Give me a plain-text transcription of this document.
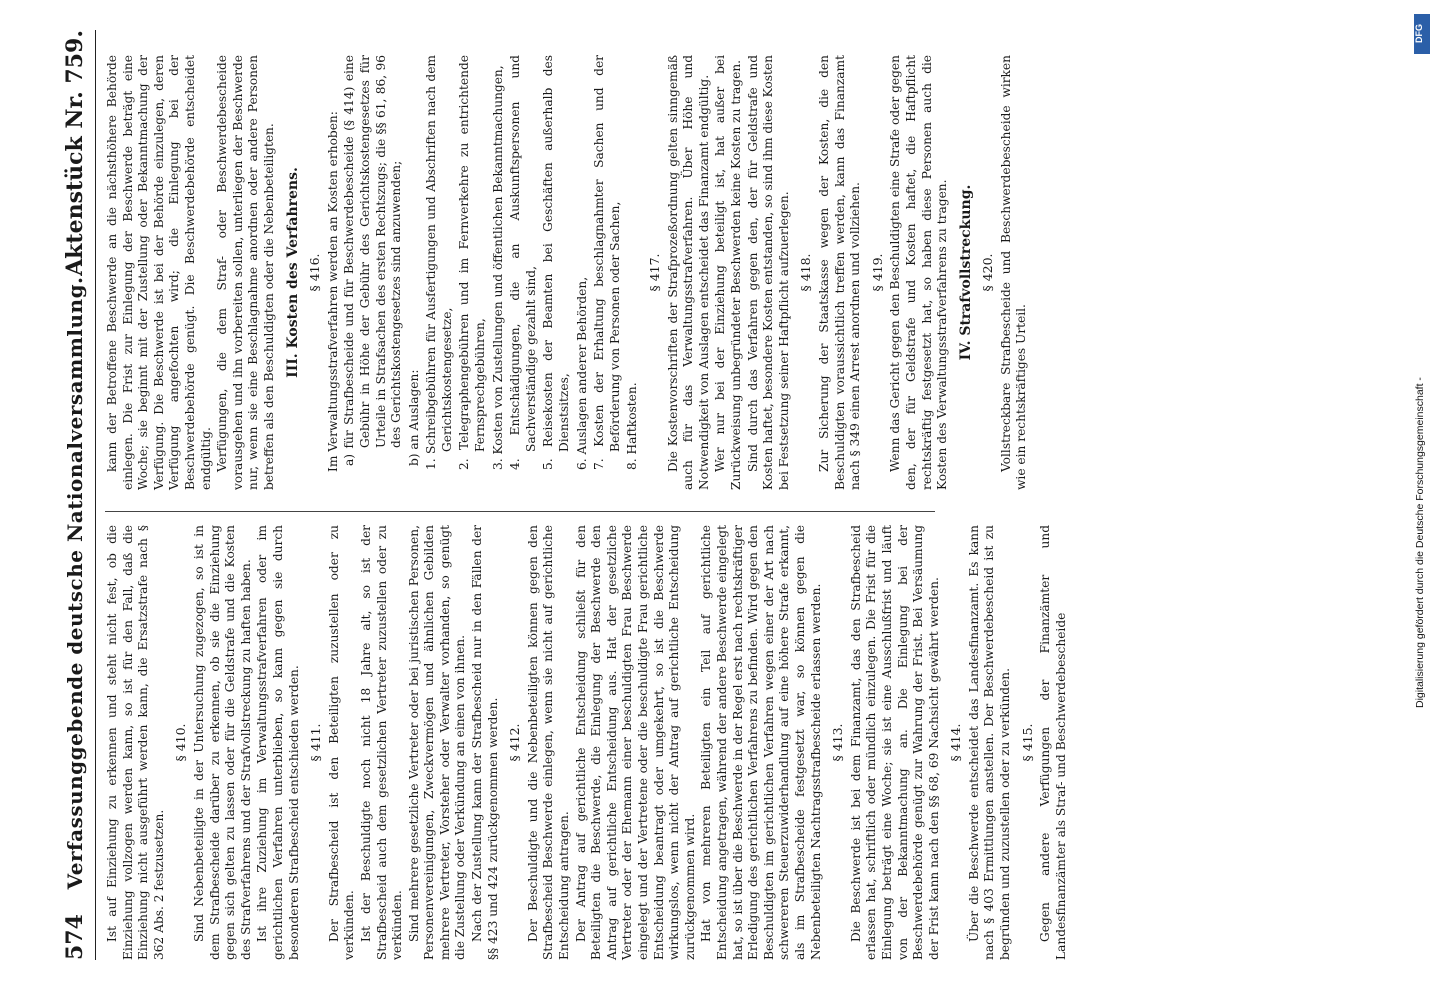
574
Verfassunggebende deutsche Nationalversammlung.
Aktenstück Nr. 759.
Ist auf Einziehung zu erkennen und steht nicht fest, ob die Einziehung vollzogen werden kann, so ist für den Fall, daß die Einziehung nicht ausgeführt werden kann, die Ersatzstrafe nach § 362 Abs. 2 festzusetzen.
§ 410. Sind Nebenbeteiligte in der Untersuchung zugezogen, so ist in dem Strafbescheide darüber zu erkennen, ob sie die Einziehung gegen sich gelten zu lassen oder für die Geldstrafe und die Kosten des Strafverfahrens und der Strafvollstreckung zu haften haben. Ist ihre Zuziehung im Verwaltungsstrafverfahren oder im gerichtlichen Verfahren unterblieben, so kann gegen sie durch besonderen Strafbescheid entschieden werden. § 411. Der Strafbescheid ist den Beteiligten zuzustellen oder zu verkünden. Ist der Beschuldigte noch nicht 18 Jahre alt, so ist der Strafbescheid auch dem gesetzlichen Vertreter zuzustellen oder zu verkünden. Sind mehrere gesetzliche Vertreter oder bei juristischen Personen, Personenvereinigungen, Zweckvermögen und ähnlichen Gebilden mehrere Vertreter, Vorsteher oder Verwalter vorhanden, so genügt die Zustellung oder Verkündung an einen von ihnen. Nach der Zustellung kann der Strafbescheid nur in den Fällen der §§ 423 und 424 zurückgenommen werden. § 412. Der Beschuldigte und die Nebenbeteiligten können gegen den Strafbescheid Beschwerde einlegen, wenn sie nicht auf gerichtliche Entscheidung antragen. Der Antrag auf gerichtliche Entscheidung schließt für den Beteiligten die Beschwerde, die Einlegung der Beschwerde den Antrag auf gerichtliche Entscheidung aus. Hat der gesetzliche Vertreter oder der Ehemann einer beschuldigten Frau Beschwerde eingelegt und der Vertretene oder die beschuldigte Frau gerichtliche Entscheidung beantragt oder umgekehrt, so ist die Beschwerde wirkungslos, wenn nicht der Antrag auf gerichtliche Entscheidung zurückgenommen wird. Hat von mehreren Beteiligten ein Teil auf gerichtliche Entscheidung angetragen, während der andere Beschwerde eingelegt hat, so ist über die Beschwerde in der Regel erst nach rechtskräftiger Erledigung des gerichtlichen Verfahrens zu befinden. Wird gegen den Beschuldigten im gerichtlichen Verfahren wegen einer der Art nach schwereren Steuerzuwiderhandlung auf eine höhere Strafe erkannt, als im Strafbescheide festgesetzt war, so können gegen die Nebenbeteiligten Nachtragsstrafbescheide erlassen werden. § 413. Die Beschwerde ist bei dem Finanzamt, das den Strafbescheid erlassen hat, schriftlich oder mündlich einzulegen. Die Frist für die Einlegung beträgt eine Woche; sie ist eine Ausschlußfrist und läuft von der Bekanntmachung an. Die Einlegung bei der Beschwerdebehörde genügt zur Wahrung der Frist. Bei Versäumung der Frist kann nach den §§ 68, 69 Nachsicht gewährt werden. § 414. Über die Beschwerde entscheidet das Landesfinanzamt. Es kann nach § 403 Ermittlungen anstellen. Der Beschwerdebescheid ist zu begründen und zuzustellen oder zu verkünden. § 415. Gegen andere Verfügungen der Finanzämter und Landesfinanzämter als Straf- und Beschwerdebescheide
kann der Betroffene Beschwerde an die nächsthöhere Behörde einlegen. Die Frist zur Einlegung der Beschwerde beträgt eine Woche; sie beginnt mit der Zustellung oder Bekanntmachung der Verfügung. Die Beschwerde ist bei der Behörde einzulegen, deren Verfügung angefochten wird; die Einlegung bei der Beschwerdebehörde genügt. Die Beschwerdebehörde entscheidet endgültig. Verfügungen, die dem Straf- oder Beschwerdebescheide vorausgehen und ihn vorbereiten sollen, unterliegen der Beschwerde nur, wenn sie eine Beschlagnahme anordnen oder andere Personen betreffen als den Beschuldigten oder die Nebenbeteiligten. III. Kosten des Verfahrens. § 416. Im Verwaltungsstrafverfahren werden an Kosten erhoben: a) für Strafbescheide und für Beschwerdebescheide (§ 414) eine Gebühr in Höhe der Gebühr des Gerichtskostengesetzes für Urteile in Strafsachen des ersten Rechtszugs; die §§ 61, 86, 96 des Gerichtskostengesetzes sind anzuwenden; b) an Auslagen: 1. Schreibgebühren für Ausfertigungen und Abschriften nach dem Gerichtskostengesetze, 2. Telegraphengebühren und im Fernverkehre zu entrichtende Fernsprechgebühren, 3. Kosten von Zustellungen und öffentlichen Bekanntmachungen, 4. Entschädigungen, die an Auskunftspersonen und Sachverständige gezahlt sind, 5. Reisekosten der Beamten bei Geschäften außerhalb des Dienstsitzes, 6. Auslagen anderer Behörden, 7. Kosten der Erhaltung beschlagnahmter Sachen und der Beförderung von Personen oder Sachen, 8. Haftkosten.
§ 417. Die Kostenvorschriften der Strafprozeßordnung gelten sinngemäß auch für das Verwaltungsstrafverfahren. Über Höhe und Notwendigkeit von Auslagen entscheidet das Finanzamt endgültig. Wer nur bei der Einziehung beteiligt ist, hat außer bei Zurückweisung unbegründeter Beschwerden keine Kosten zu tragen. Sind durch das Verfahren gegen den, der für Geldstrafe und Kosten haftet, besondere Kosten entstanden, so sind ihm diese Kosten bei Festsetzung seiner Haftpflicht aufzuerlegen. § 418. Zur Sicherung der Staatskasse wegen der Kosten, die den Beschuldigten voraussichtlich treffen werden, kann das Finanzamt nach § 349 einen Arrest anordnen und vollziehen. § 419. Wenn das Gericht gegen den Beschuldigten eine Strafe oder gegen den, der für Geldstrafe und Kosten haftet, die Haftpflicht rechtskräftig festgesetzt hat, so haben diese Personen auch die Kosten des Verwaltungsstrafverfahrens zu tragen. IV. Strafvollstreckung. § 420. Vollstreckbare Strafbescheide und Beschwerdebescheide wirken wie ein rechtskräftiges Urteil.
DFG
Digitalisierung gefördert durch die Deutsche Forschungsgemeinschaft -
